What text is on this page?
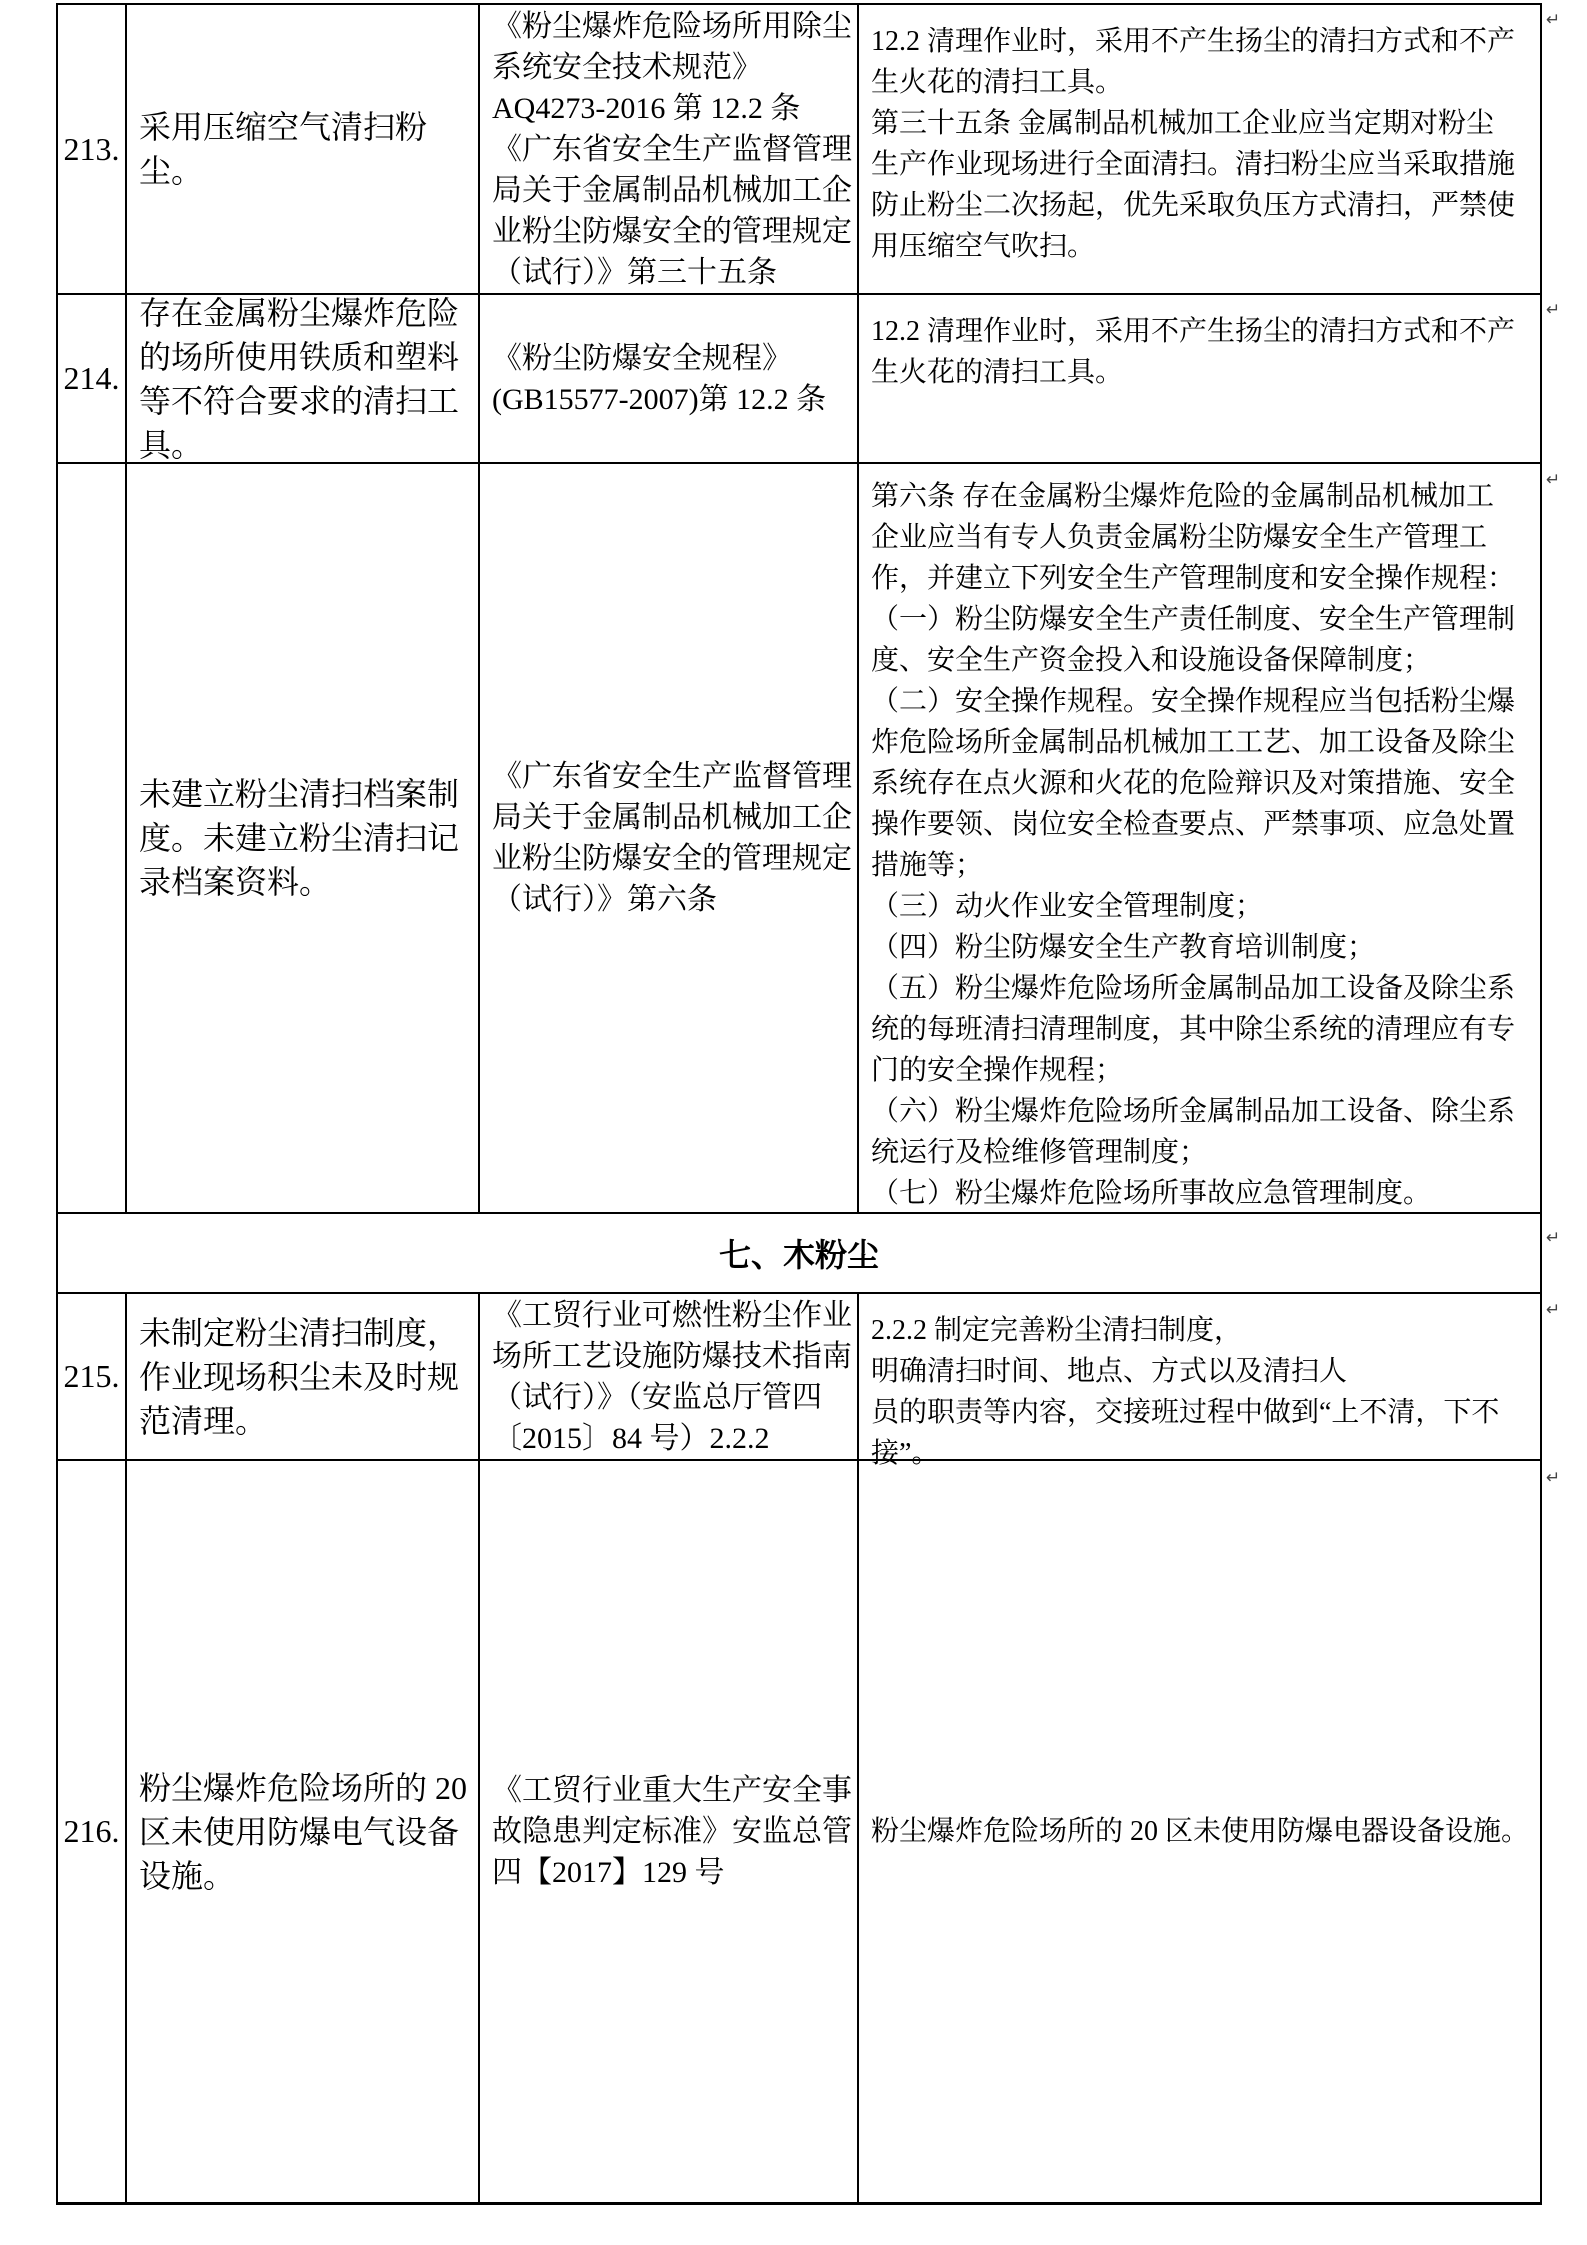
213.
采用压缩空气清扫粉
尘。
《粉尘爆炸危险场所用除尘
系统安全技术规范》
AQ4273-2016 第 12.2 条
《广东省安全生产监督管理
局关于金属制品机械加工企
业粉尘防爆安全的管理规定
（试行）》第三十五条
12.2 清理作业时，采用不产生扬尘的清扫方式和不产
生火花的清扫工具。
第三十五条 金属制品机械加工企业应当定期对粉尘
生产作业现场进行全面清扫。清扫粉尘应当采取措施
防止粉尘二次扬起，优先采取负压方式清扫，严禁使
用压缩空气吹扫。
214.
存在金属粉尘爆炸危险
的场所使用铁质和塑料
等不符合要求的清扫工
具。
《粉尘防爆安全规程》
(GB15577-2007)第 12.2 条
12.2 清理作业时，采用不产生扬尘的清扫方式和不产
生火花的清扫工具。
未建立粉尘清扫档案制
度。未建立粉尘清扫记
录档案资料。
《广东省安全生产监督管理
局关于金属制品机械加工企
业粉尘防爆安全的管理规定
（试行）》第六条
第六条 存在金属粉尘爆炸危险的金属制品机械加工
企业应当有专人负责金属粉尘防爆安全生产管理工
作，并建立下列安全生产管理制度和安全操作规程：
（一）粉尘防爆安全生产责任制度、安全生产管理制
度、安全生产资金投入和设施设备保障制度；
（二）安全操作规程。安全操作规程应当包括粉尘爆
炸危险场所金属制品机械加工工艺、加工设备及除尘
系统存在点火源和火花的危险辩识及对策措施、安全
操作要领、岗位安全检查要点、严禁事项、应急处置
措施等；
（三）动火作业安全管理制度；
（四）粉尘防爆安全生产教育培训制度；
（五）粉尘爆炸危险场所金属制品加工设备及除尘系
统的每班清扫清理制度，其中除尘系统的清理应有专
门的安全操作规程；
（六）粉尘爆炸危险场所金属制品加工设备、除尘系
统运行及检维修管理制度；
（七）粉尘爆炸危险场所事故应急管理制度。
七、木粉尘
215.
未制定粉尘清扫制度，
作业现场积尘未及时规
范清理。
《工贸行业可燃性粉尘作业
场所工艺设施防爆技术指南
（试行）》（安监总厅管四
〔2015〕84 号）2.2.2
2.2.2 制定完善粉尘清扫制度，
明确清扫时间、地点、方式以及清扫人
员的职责等内容，交接班过程中做到“上不清，下不
接”。
216.
粉尘爆炸危险场所的 20
区未使用防爆电气设备
设施。
《工贸行业重大生产安全事
故隐患判定标准》安监总管
四【2017】129 号
粉尘爆炸危险场所的 20 区未使用防爆电器设备设施。
↵
↵
↵
↵
↵
↵
